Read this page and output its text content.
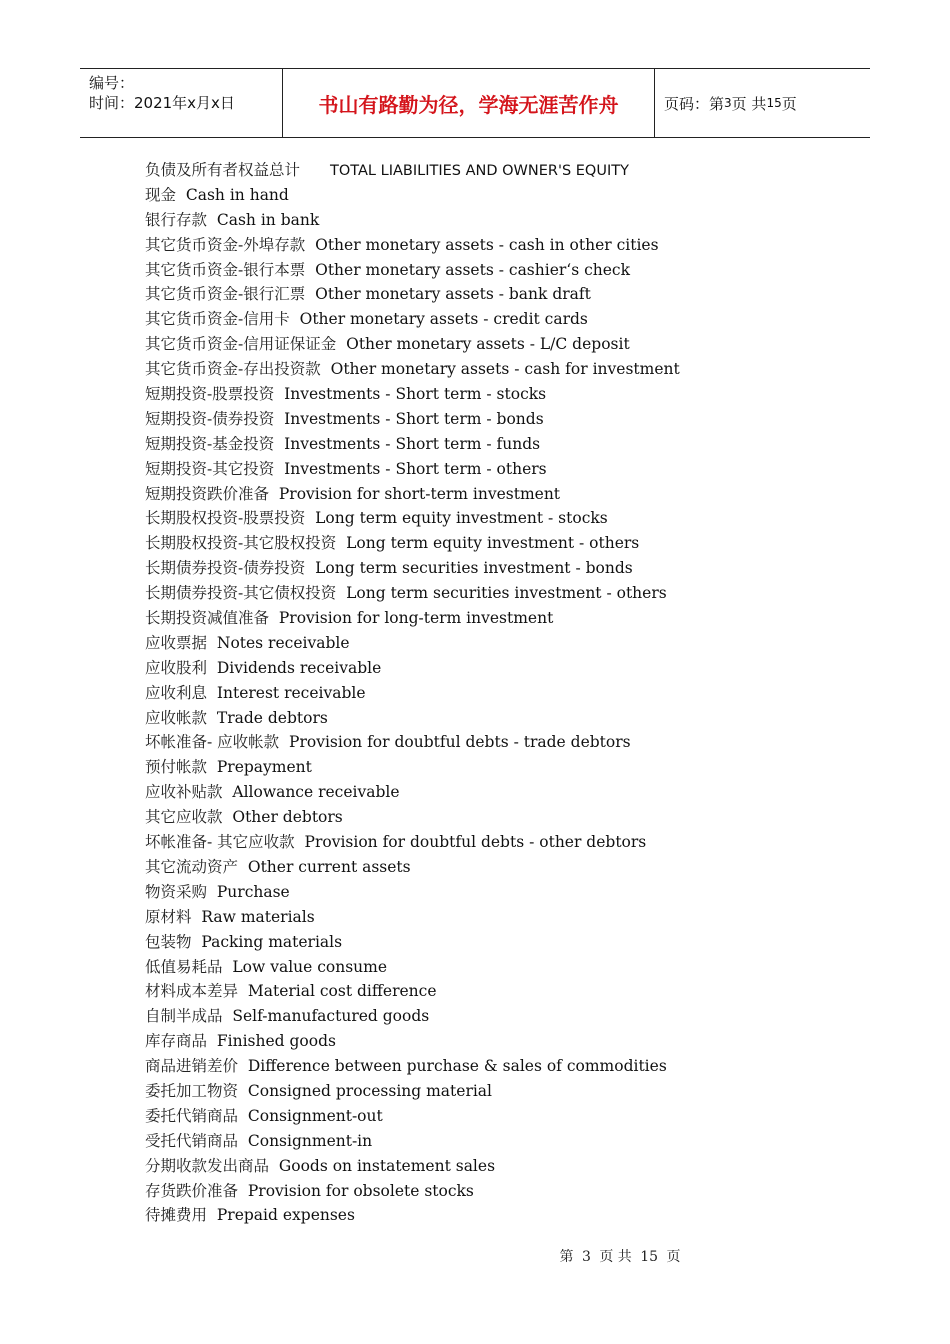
编号：
时间：2021年x月x日	书山有路勤为径，学海无涯苦作舟	页码：第 3 页 共 15 页
负债及所有者权益总计 TOTAL LIABILITIES AND OWNER'S EQUITY
现金 Cash in hand
银行存款 Cash in bank
其它货币资金-外埠存款 Other monetary assets - cash in other cities
其它货币资金-银行本票 Other monetary assets - cashier‘s check
其它货币资金-银行汇票 Other monetary assets - bank draft
其它货币资金-信用卡 Other monetary assets - credit cards
其它货币资金-信用证保证金 Other monetary assets - L/C deposit
其它货币资金-存出投资款 Other monetary assets - cash for investment
短期投资-股票投资 Investments - Short term - stocks
短期投资-债券投资 Investments - Short term - bonds
短期投资-基金投资 Investments - Short term - funds
短期投资-其它投资 Investments - Short term - others
短期投资跌价准备 Provision for short-term investment
长期股权投资-股票投资 Long term equity investment - stocks
长期股权投资-其它股权投资 Long term equity investment - others
长期债券投资-债券投资 Long term securities investment - bonds
长期债券投资-其它债权投资 Long term securities investment - others
长期投资减值准备 Provision for long-term investment
应收票据 Notes receivable
应收股利 Dividends receivable
应收利息 Interest receivable
应收帐款 Trade debtors
坏帐准备- 应收帐款 Provision for doubtful debts - trade debtors
预付帐款 Prepayment
应收补贴款 Allowance receivable
其它应收款 Other debtors
坏帐准备- 其它应收款 Provision for doubtful debts - other debtors
其它流动资产 Other current assets
物资采购 Purchase
原材料 Raw materials
包装物 Packing materials
低值易耗品 Low value consume
材料成本差异 Material cost difference
自制半成品 Self-manufactured goods
库存商品 Finished goods
商品进销差价 Difference between purchase & sales of commodities
委托加工物资 Consigned processing material
委托代销商品 Consignment-out
受托代销商品 Consignment-in
分期收款发出商品 Goods on instatement sales
存货跌价准备 Provision for obsolete stocks
待摊费用 Prepaid expenses
第 3 页 共 15 页
